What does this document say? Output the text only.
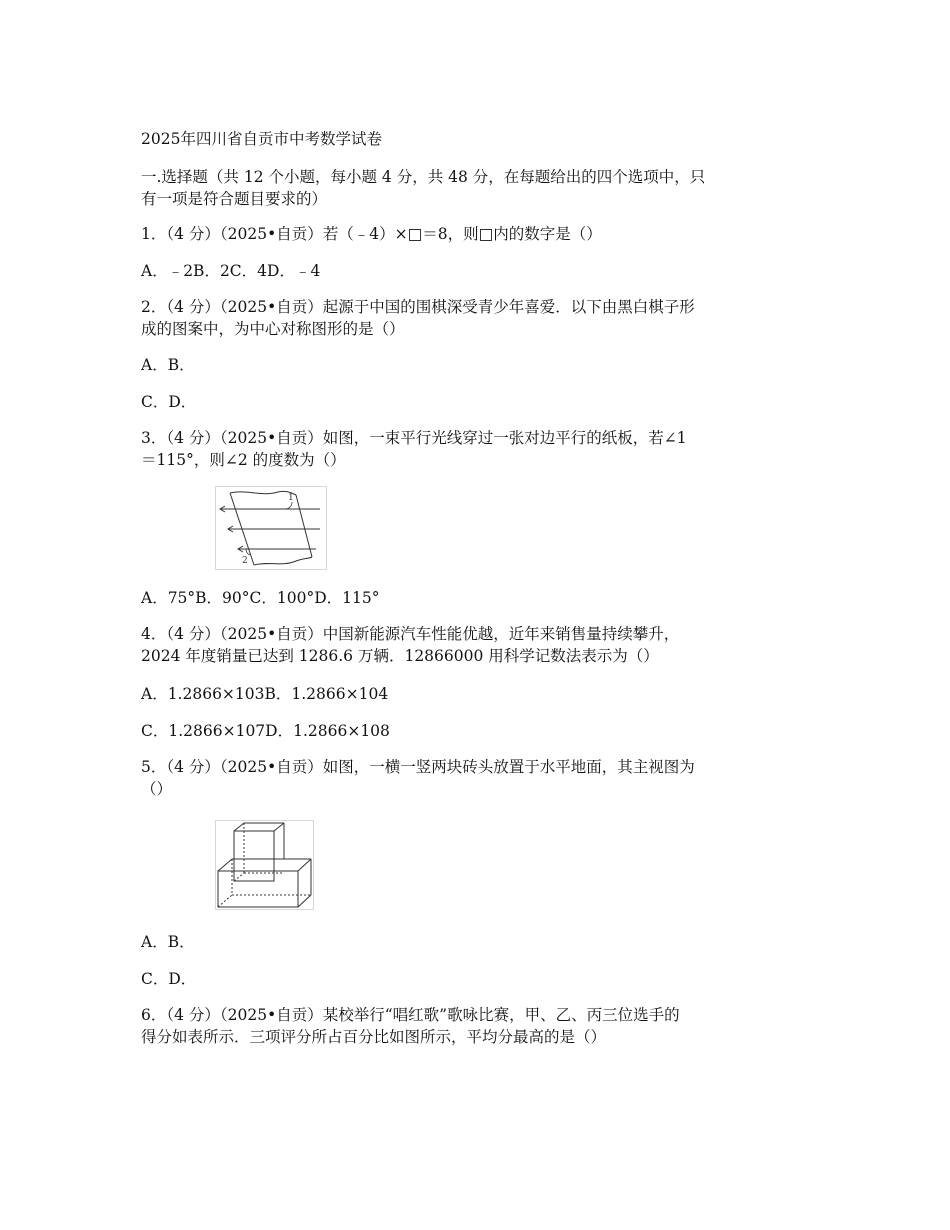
2025年四川省自贡市中考数学试卷
一.选择题（共 12 个小题，每小题 4 分，共 48 分，在每题给出的四个选项中，只
有一项是符合题目要求的）
1．（4 分）（2025•自贡）若（﹣4）×□＝8，则□内的数字是（）
A．﹣2B．2C．4D．﹣4
2．（4 分）（2025•自贡）起源于中国的围棋深受青少年喜爱．以下由黑白棋子形
成的图案中，为中心对称图形的是（）
A．B．
C．D．
3．（4 分）（2025•自贡）如图，一束平行光线穿过一张对边平行的纸板，若∠1
＝115°，则∠2 的度数为（）
1
2
A．75°B．90°C．100°D．115°
4．（4 分）（2025•自贡）中国新能源汽车性能优越，近年来销售量持续攀升，
2024 年度销量已达到 1286.6 万辆．12866000 用科学记数法表示为（）
A．1.2866×103B．1.2866×104
C．1.2866×107D．1.2866×108
5．（4 分）（2025•自贡）如图，一横一竖两块砖头放置于水平地面，其主视图为
（）
A．B．
C．D．
6．（4 分）（2025•自贡）某校举行“唱红歌”歌咏比赛，甲、乙、丙三位选手的
得分如表所示．三项评分所占百分比如图所示，平均分最高的是（）
